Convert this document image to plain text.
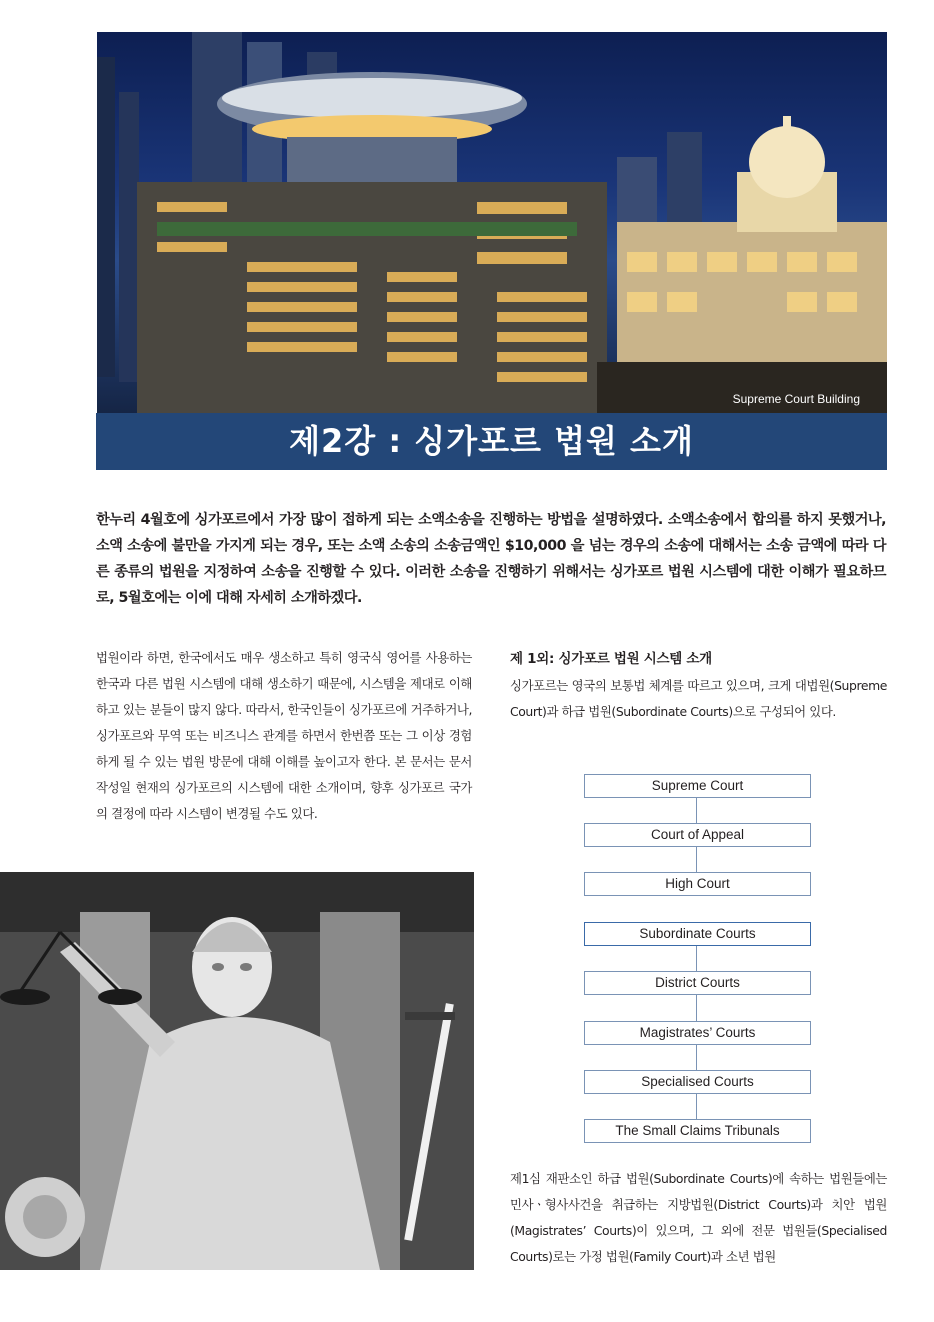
Supreme Court Building
제2강 : 싱가포르 법원 소개
한누리 4월호에 싱가포르에서 가장 많이 접하게 되는 소액소송을 진행하는 방법을 설명하였다. 소액소송에서 합의를 하지 못했거나, 소액 소송에 불만을 가지게 되는 경우, 또는 소액 소송의 소송금액인 $10,000 을 넘는 경우의 소송에 대해서는 소송 금액에 따라 다른 종류의 법원을 지정하여 소송을 진행할 수 있다. 이러한 소송을 진행하기 위해서는 싱가포르 법원 시스템에 대한 이해가 필요하므로, 5월호에는 이에 대해 자세히 소개하겠다.
법원이라 하면, 한국에서도 매우 생소하고 특히 영국식 영어를 사용하는 한국과 다른 법원 시스템에 대해 생소하기 때문에, 시스템을 제대로 이해하고 있는 분들이 많지 않다. 따라서, 한국인들이 싱가포르에 거주하거나, 싱가포르와 무역 또는 비즈니스 관계를 하면서 한번쯤 또는 그 이상 경험하게 될 수 있는 법원 방문에 대해 이해를 높이고자 한다. 본 문서는 문서 작성일 현재의 싱가포르의 시스템에 대한 소개이며, 향후 싱가포르 국가의 결정에 따라 시스템이 변경될 수도 있다.
제 1외: 싱가포르 법원 시스템 소개
싱가포르는 영국의 보통법 체계를 따르고 있으며, 크게 대법원(Supreme Court)과 하급 법원(Subordinate Courts)으로 구성되어 있다.
Supreme Court
Court of Appeal
High Court
Subordinate Courts
District Courts
Magistrates’ Courts
Specialised Courts
The Small Claims Tribunals
제1심 재판소인 하급 법원(Subordinate Courts)에 속하는 법원들에는 민사ㆍ형사사건을 취급하는 지방법원(District Courts)과 치안 법원(Magistrates’ Courts)이 있으며, 그 외에 전문 법원들(Specialised Courts)로는 가정 법원(Family Court)과 소년 법원
